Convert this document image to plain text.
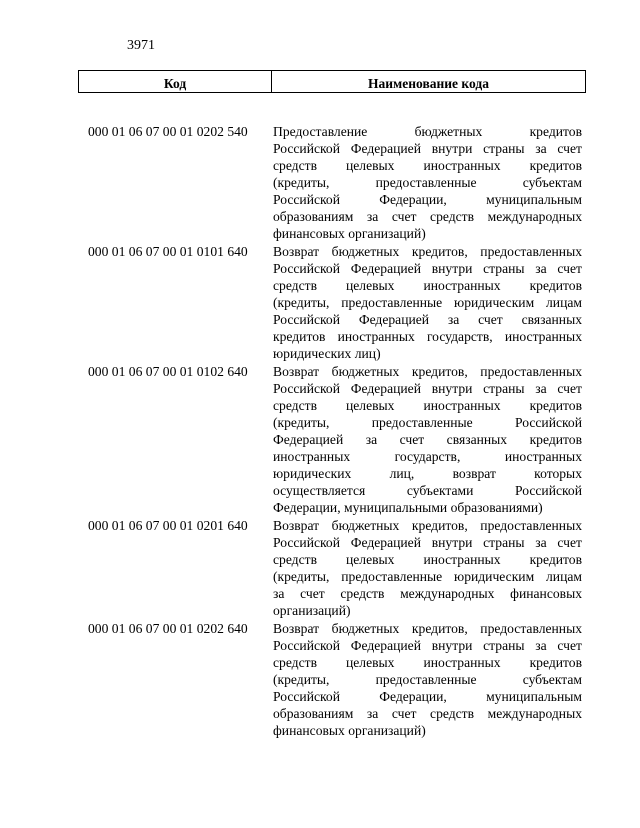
3971
Код	Наименование кода
000 01 06 07 00 01 0202 540	Предоставление бюджетных кредитов
Российской Федерацией внутри страны за счет
средств целевых иностранных кредитов
(кредиты, предоставленные субъектам
Российской Федерации, муниципальным
образованиям за счет средств международных
финансовых организаций)
000 01 06 07 00 01 0101 640	Возврат бюджетных кредитов, предоставленных
Российской Федерацией внутри страны за счет
средств целевых иностранных кредитов
(кредиты, предоставленные юридическим лицам
Российской Федерацией за счет связанных
кредитов иностранных государств, иностранных
юридических лиц)
000 01 06 07 00 01 0102 640	Возврат бюджетных кредитов, предоставленных
Российской Федерацией внутри страны за счет
средств целевых иностранных кредитов
(кредиты, предоставленные Российской
Федерацией за счет связанных кредитов
иностранных государств, иностранных
юридических лиц, возврат которых
осуществляется субъектами Российской
Федерации, муниципальными образованиями)
000 01 06 07 00 01 0201 640	Возврат бюджетных кредитов, предоставленных
Российской Федерацией внутри страны за счет
средств целевых иностранных кредитов
(кредиты, предоставленные юридическим лицам
за счет средств международных финансовых
организаций)
000 01 06 07 00 01 0202 640	Возврат бюджетных кредитов, предоставленных
Российской Федерацией внутри страны за счет
средств целевых иностранных кредитов
(кредиты, предоставленные субъектам
Российской Федерации, муниципальным
образованиям за счет средств международных
финансовых организаций)
